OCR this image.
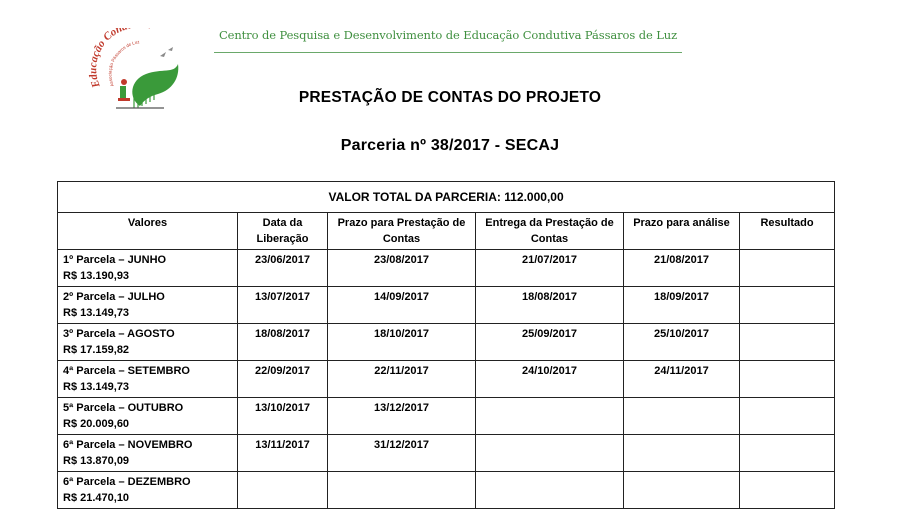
Educação Con
Associação Pássaros de Luz	Centro de Pesquisa e Desenvolvimento de Educação Condutiva Pássaros de Luz
PRESTAÇÃO DE CONTAS DO PROJETO
Parceria nº 38/2017 - SECAJ
VALOR TOTAL DA PARCERIA: 112.000,00					
Valores	Data da Liberação	Prazo para Prestação de Contas	Entrega da Prestação de Contas	Prazo para análise	Resultado

1º Parcela – JUNHO
R$ 13.190,93	23/06/2017	23/08/2017	21/07/2017	21/08/2017	

2º Parcela – JULHO
R$ 13.149,73	13/07/2017	14/09/2017	18/08/2017	18/09/2017	

3º Parcela – AGOSTO
R$ 17.159,82	18/08/2017	18/10/2017	25/09/2017	25/10/2017	

4ª Parcela – SETEMBRO
R$ 13.149,73	22/09/2017	22/11/2017	24/10/2017	24/11/2017	

5ª Parcela – OUTUBRO
R$ 20.009,60	13/10/2017	13/12/2017			

6ª Parcela – NOVEMBRO
R$ 13.870,09	13/11/2017	31/12/2017			

6ª Parcela – DEZEMBRO
R$ 21.470,10					
